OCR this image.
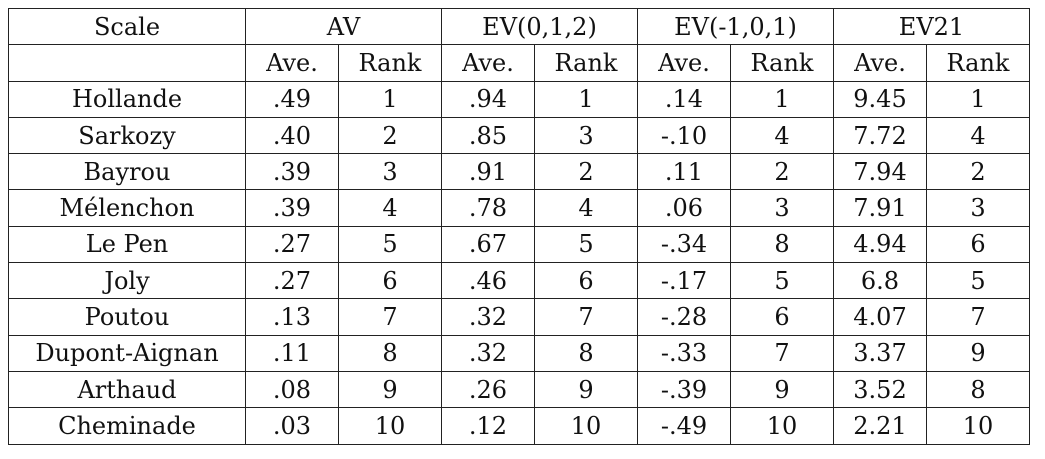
Scale	AV		EV(0,1,2)		EV(-1,0,1)		EV21	
	Ave.	Rank	Ave.	Rank	Ave.	Rank	Ave.	Rank
Hollande	.49	1	.94	1	.14	1	9.45	1
Sarkozy	.40	2	.85	3	-.10	4	7.72	4
Bayrou	.39	3	.91	2	.11	2	7.94	2
Mélenchon	.39	4	.78	4	.06	3	7.91	3
Le Pen	.27	5	.67	5	-.34	8	4.94	6
Joly	.27	6	.46	6	-.17	5	6.8	5
Poutou	.13	7	.32	7	-.28	6	4.07	7
Dupont-Aignan	.11	8	.32	8	-.33	7	3.37	9
Arthaud	.08	9	.26	9	-.39	9	3.52	8
Cheminade	.03	10	.12	10	-.49	10	2.21	10
